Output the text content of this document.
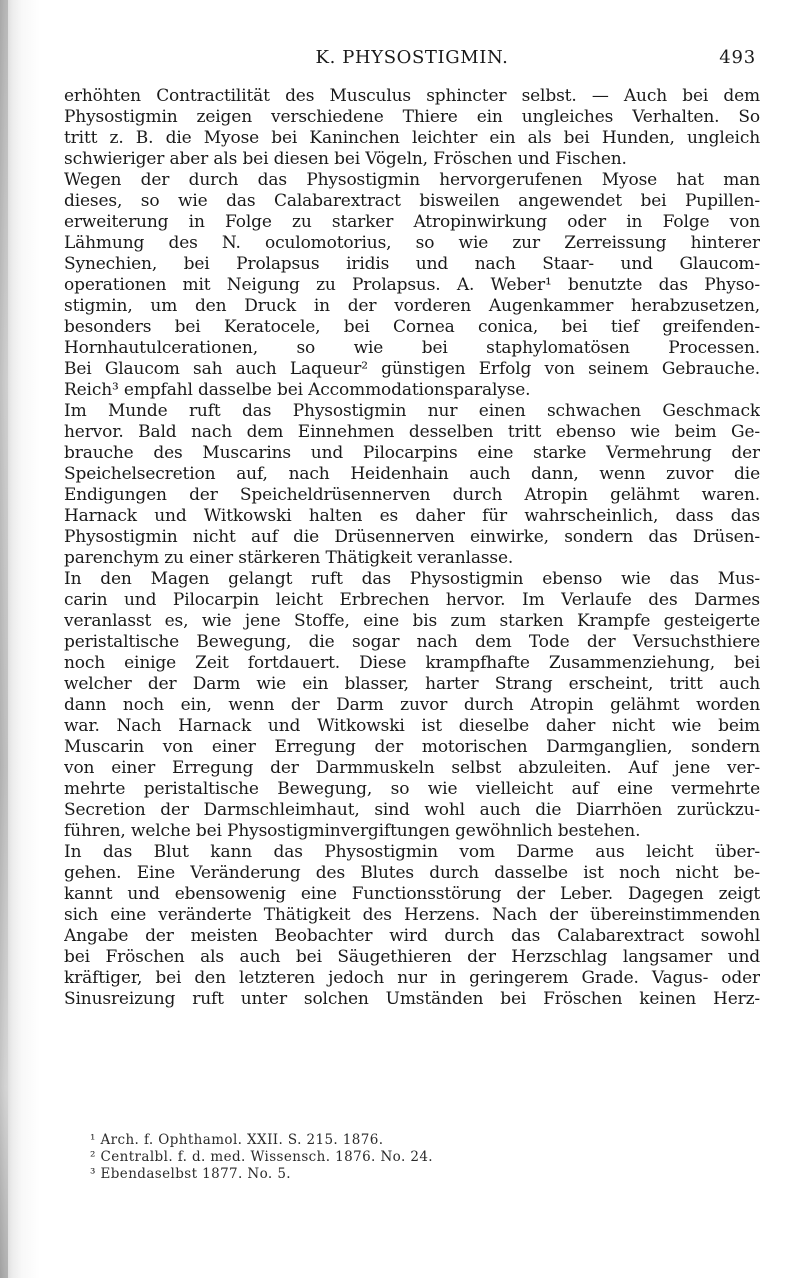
K. PHYSOSTIGMIN.	493
erhöhten Contractilität des Musculus sphincter selbst. — Auch bei dem
Physostigmin zeigen verschiedene Thiere ein ungleiches Verhalten. So
tritt z. B. die Myose bei Kaninchen leichter ein als bei Hunden, ungleich
schwieriger aber als bei diesen bei Vögeln, Fröschen und Fischen.
Wegen der durch das Physostigmin hervorgerufenen Myose hat man
dieses, so wie das Calabarextract bisweilen angewendet bei Pupillen-
erweiterung in Folge zu starker Atropinwirkung oder in Folge von
Lähmung des N. oculomotorius, so wie zur Zerreissung hinterer
Synechien, bei Prolapsus iridis und nach Staar- und Glaucom-
operationen mit Neigung zu Prolapsus. A. Weber¹ benutzte das Physo-
stigmin, um den Druck in der vorderen Augenkammer herabzusetzen,
besonders bei Keratocele, bei Cornea conica, bei tief greifenden-
Hornhautulcerationen, so wie bei staphylomatösen Processen.
Bei Glaucom sah auch Laqueur² günstigen Erfolg von seinem Gebrauche.
Reich³ empfahl dasselbe bei Accommodationsparalyse.
Im Munde ruft das Physostigmin nur einen schwachen Geschmack
hervor. Bald nach dem Einnehmen desselben tritt ebenso wie beim Ge-
brauche des Muscarins und Pilocarpins eine starke Vermehrung der
Speichelsecretion auf, nach Heidenhain auch dann, wenn zuvor die
Endigungen der Speicheldrüsennerven durch Atropin gelähmt waren.
Harnack und Witkowski halten es daher für wahrscheinlich, dass das
Physostigmin nicht auf die Drüsennerven einwirke, sondern das Drüsen-
parenchym zu einer stärkeren Thätigkeit veranlasse.
In den Magen gelangt ruft das Physostigmin ebenso wie das Mus-
carin und Pilocarpin leicht Erbrechen hervor. Im Verlaufe des Darmes
veranlasst es, wie jene Stoffe, eine bis zum starken Krampfe gesteigerte
peristaltische Bewegung, die sogar nach dem Tode der Versuchsthiere
noch einige Zeit fortdauert. Diese krampfhafte Zusammenziehung, bei
welcher der Darm wie ein blasser, harter Strang erscheint, tritt auch
dann noch ein, wenn der Darm zuvor durch Atropin gelähmt worden
war. Nach Harnack und Witkowski ist dieselbe daher nicht wie beim
Muscarin von einer Erregung der motorischen Darmganglien, sondern
von einer Erregung der Darmmuskeln selbst abzuleiten. Auf jene ver-
mehrte peristaltische Bewegung, so wie vielleicht auf eine vermehrte
Secretion der Darmschleimhaut, sind wohl auch die Diarrhöen zurückzu-
führen, welche bei Physostigminvergiftungen gewöhnlich bestehen.
In das Blut kann das Physostigmin vom Darme aus leicht über-
gehen. Eine Veränderung des Blutes durch dasselbe ist noch nicht be-
kannt und ebensowenig eine Functionsstörung der Leber. Dagegen zeigt
sich eine veränderte Thätigkeit des Herzens. Nach der übereinstimmenden
Angabe der meisten Beobachter wird durch das Calabarextract sowohl
bei Fröschen als auch bei Säugethieren der Herzschlag langsamer und
kräftiger, bei den letzteren jedoch nur in geringerem Grade. Vagus- oder
Sinusreizung ruft unter solchen Umständen bei Fröschen keinen Herz-
¹ Arch. f. Ophthamol. XXII. S. 215. 1876.
² Centralbl. f. d. med. Wissensch. 1876. No. 24.
³ Ebendaselbst 1877. No. 5.
